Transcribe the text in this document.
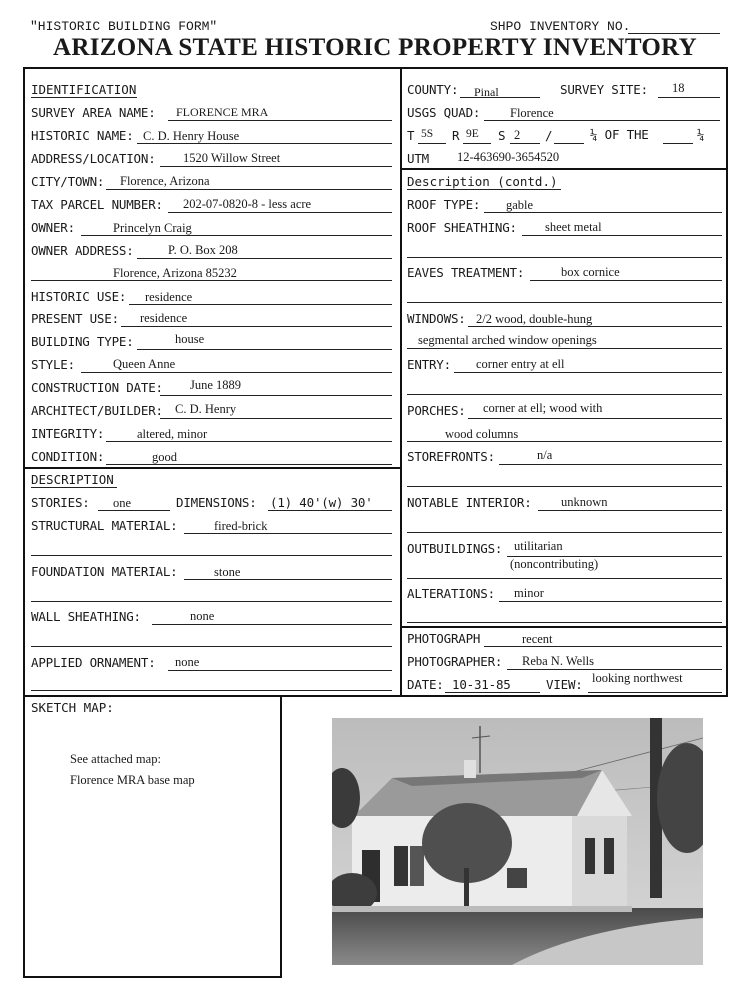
"HISTORIC BUILDING FORM"	SHPO INVENTORY NO.
ARIZONA STATE HISTORIC PROPERTY INVENTORY
IDENTIFICATION
SURVEY AREA NAME: FLORENCE MRA
HISTORIC NAME: C. D. Henry House
ADDRESS/LOCATION: 1520 Willow Street
CITY/TOWN: Florence, Arizona
TAX PARCEL NUMBER: 202-07-0820-8 - less acre
OWNER:	Princelyn Craig
OWNER ADDRESS:	P. O. Box 208
Florence, Arizona 85232
HISTORIC USE: residence
PRESENT USE: residence
BUILDING TYPE:	house
STYLE:	Queen Anne
CONSTRUCTION DATE: June 1889
ARCHITECT/BUILDER: C. D. Henry
INTEGRITY:	altered, minor
CONDITION:	good
COUNTY: Pinal	SURVEY SITE: 18
USGS QUAD: Florence
T 5S R 9E S 2 /	¼ OF THE	¼
UTM 12-463690-3654520
Description (contd.)
ROOF TYPE: gable
ROOF SHEATHING: sheet metal
EAVES TREATMENT:	box cornice
WINDOWS: 2/2 wood, double-hung
segmental arched window openings
ENTRY: corner entry at ell
PORCHES: corner at ell; wood with
wood columns
STOREFRONTS:	n/a
NOTABLE INTERIOR: unknown
OUTBUILDINGS: utilitarian
(noncontributing)
ALTERATIONS: minor
DESCRIPTION
STORIES: one	DIMENSIONS: (1) 40'(w) 30'
STRUCTURAL MATERIAL:	fired-brick
FOUNDATION MATERIAL:	stone
WALL SHEATHING:	none
APPLIED ORNAMENT: none
PHOTOGRAPH	recent
PHOTOGRAPHER: Reba N. Wells
DATE: 10-31-85	VIEW: looking northwest
SKETCH MAP:
See attached map:
Florence MRA base map
